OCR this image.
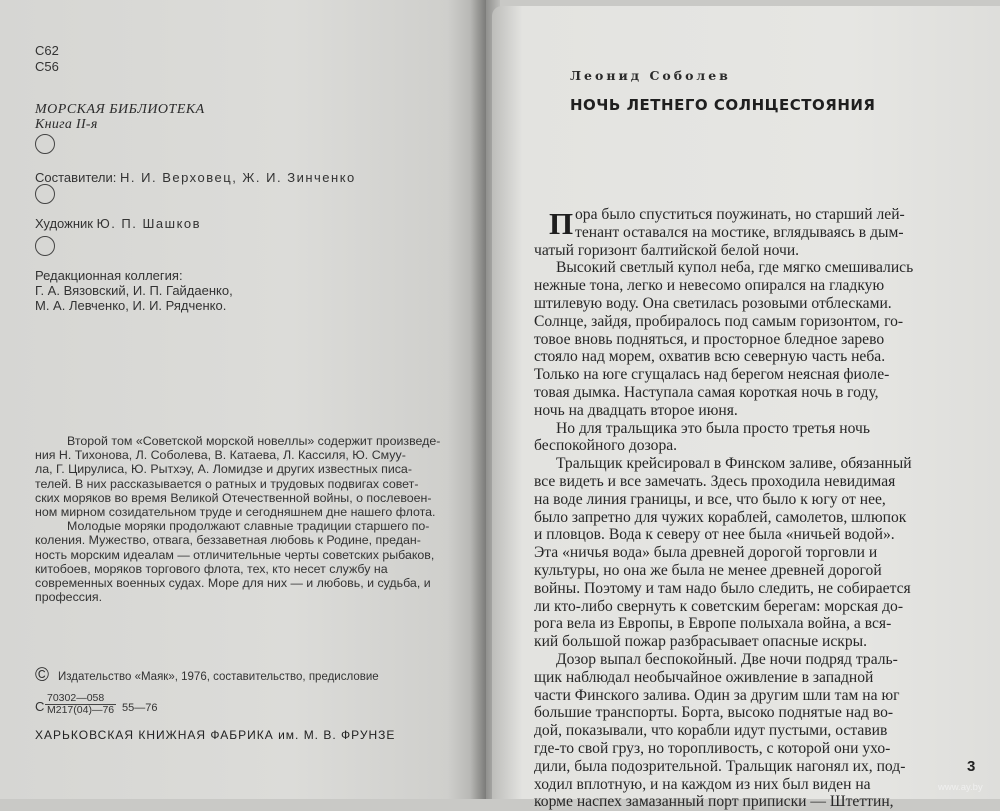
С62
С56
МОРСКАЯ БИБЛИОТЕКА
Книга II-я
Составители: Н. И. Верховец, Ж. И. Зинченко
Художник Ю. П. Шашков
Редакционная коллегия:
Г. А. Вязовский, И. П. Гайдаенко,
М. А. Левченко, И. И. Рядченко.
Второй том «Советской морской новеллы» содержит произведе-
ния Н. Тихонова, Л. Соболева, В. Катаева, Л. Кассиля, Ю. Смуу-
ла, Г. Цирулиса, Ю. Рытхэу, А. Ломидзе и других известных пиcа-
телей. В них рассказывается о ратных и трудовых подвигах совет-
ских моряков во время Великой Отечественной войны, о послевоен-
ном мирном созидательном труде и сегодняшнем дне нашего флота.
Молодые моряки продолжают славные традиции старшего по-
коления. Мужество, отвага, беззаветная любовь к Родине, предан-
ность морским идеалам — отличительные черты советских рыбаков,
китобоев, моряков торгового флота, тех, кто несет службу на
современных военных судах. Море для них — и любовь, и судьба, и
профессия.
© Издательство «Маяк», 1976, составительство, предисловие
С
70302—058
М217(04)—76 55—76
ХАРЬКОВСКАЯ КНИЖНАЯ ФАБРИКА им. М. В. ФРУНЗЕ
Леонид Соболев
НОЧЬ ЛЕТНЕГО СОЛНЦЕСТОЯНИЯ
П ора было спуститься поужинать, но старший лей-
тенант оставался на мостике, вглядываясь в дым-
чатый горизонт балтийской белой ночи.
Высокий светлый купол неба, где мягко смешивались
нежные тона, легко и невесомо опирался на гладкую
штилевую воду. Она светилась розовыми отблесками.
Солнце, зайдя, пробиралось под самым горизонтом, го-
товое вновь подняться, и просторное бледное зарево
стояло над морем, охватив всю северную часть неба.
Только на юге сгущалась над берегом неясная фиоле-
товая дымка. Наступала самая короткая ночь в году,
ночь на двадцать второе июня.
Но для тральщика это была просто третья ночь
беспокойного дозора.
Тральщик крейсировал в Финском заливе, обязанный
все видеть и все замечать. Здесь проходила невидимая
на воде линия границы, и все, что было к югу от нее,
было запретно для чужих кораблей, самолетов, шлюпок
и пловцов. Вода к северу от нее была «ничьей водой».
Эта «ничья вода» была древней дорогой торговли и
культуры, но она же была не менее древней дорогой
войны. Поэтому и там надо было следить, не собирается
ли кто-либо свернуть к советским берегам: морская до-
рога вела из Европы, в Европе полыхала война, а вся-
кий большой пожар разбрасывает опасные искры.
Дозор выпал беспокойный. Две ночи подряд траль-
щик наблюдал необычайное оживление в западной
части Финского залива. Один за другим шли там на юг
большие транспорты. Борта, высоко поднятые над во-
дой, показывали, что корабли идут пустыми, оставив
где-то свой груз, но торопливость, с которой они ухо-
дили, была подозрительной. Тральщик нагонял их, под-
ходил вплотную, и на каждом из них был виден на
корме наспех замазанный порт приписки — Штеттин,
3
www.ay.by
